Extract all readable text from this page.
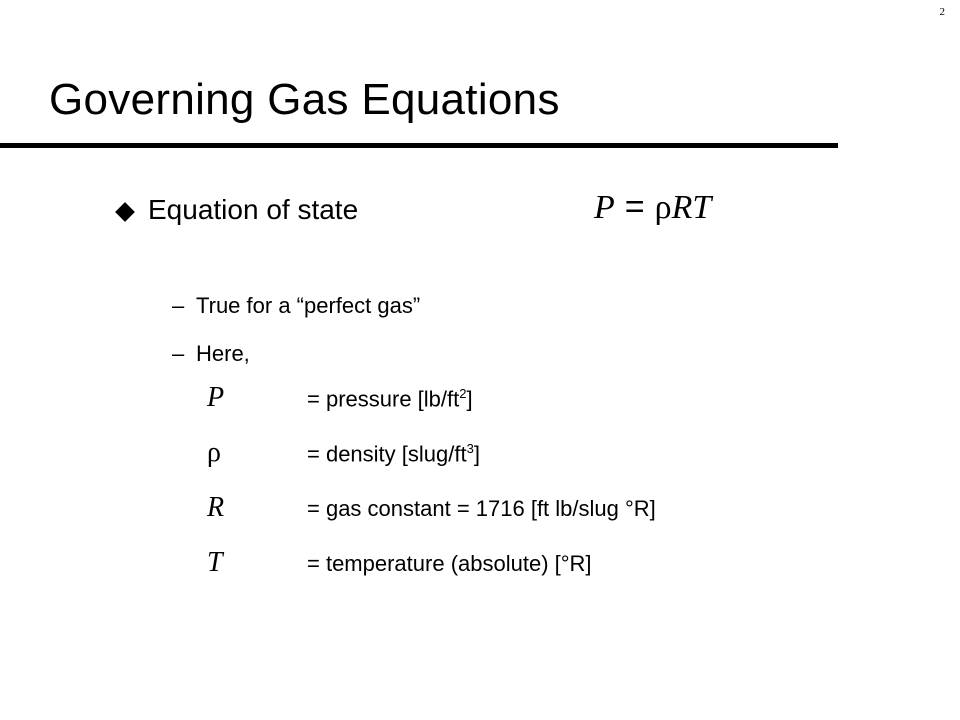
2
Governing Gas Equations
Equation of state	P = ρRT
– True for a “perfect gas”
– Here,
P	= pressure $[lb/ft^2]$
ρ	= density $[slug/ft^3]$
R	= gas constant = 1716 [ft lb/slug °R]
T	= temperature (absolute) [°R]
